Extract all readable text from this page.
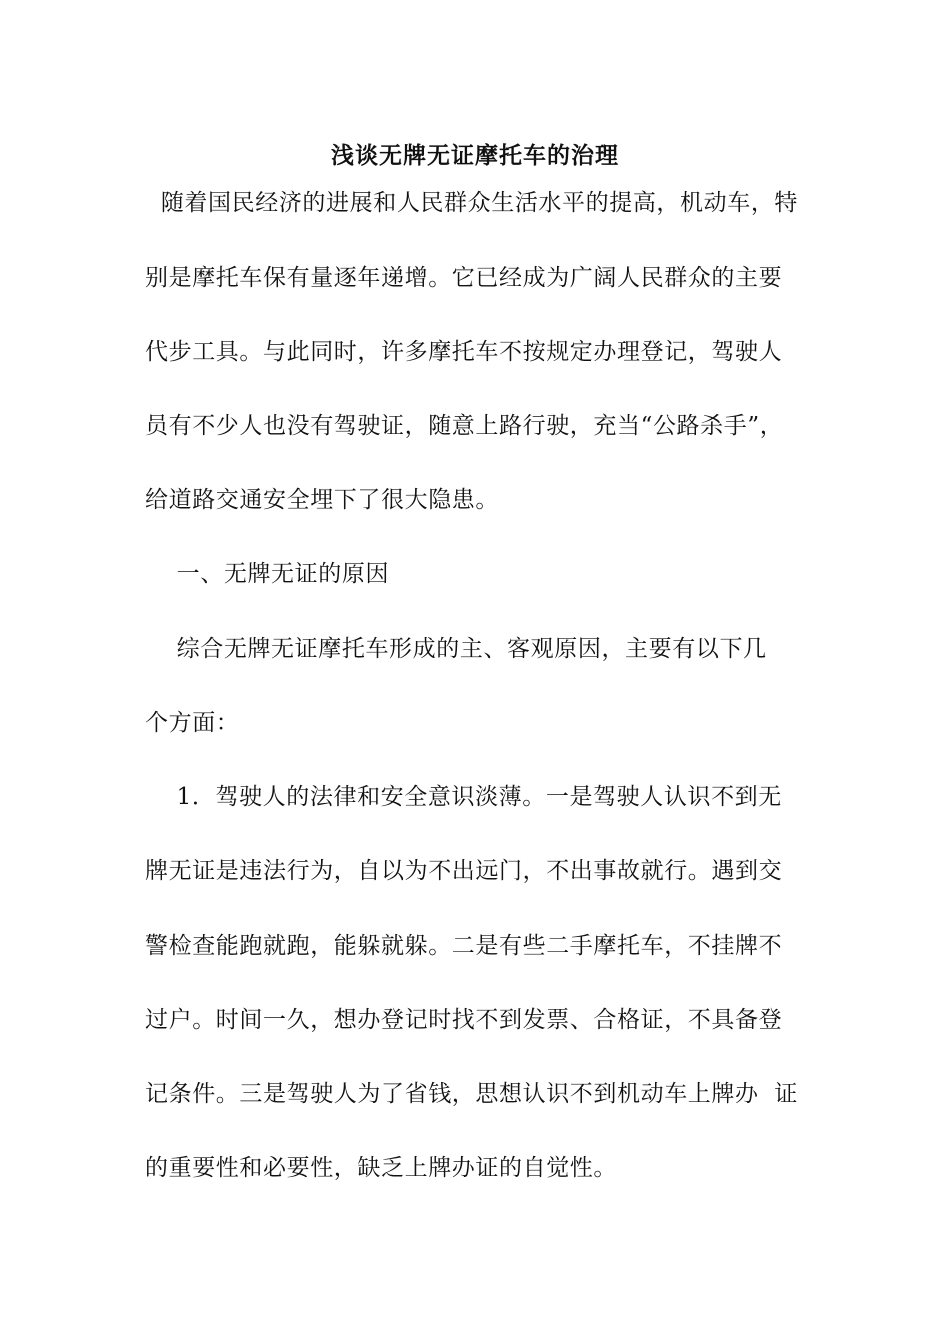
浅谈无牌无证摩托车的治理
随着国民经济的进展和人民群众生活水平的提高，机动车，特
别是摩托车保有量逐年递增。它已经成为广阔人民群众的主要
代步工具。与此同时，许多摩托车不按规定办理登记，驾驶人
员有不少人也没有驾驶证，随意上路行驶，充当“公路杀手”，
给道路交通安全埋下了很大隐患。
一、无牌无证的原因
综合无牌无证摩托车形成的主、客观原因，主要有以下几
个方面：
1．驾驶人的法律和安全意识淡薄。一是驾驶人认识不到无
牌无证是违法行为，自以为不出远门，不出事故就行。遇到交
警检查能跑就跑，能躲就躲。二是有些二手摩托车，不挂牌不
过户。时间一久，想办登记时找不到发票、合格证，不具备登
记条件。三是驾驶人为了省钱，思想认识不到机动车上牌办  证
的重要性和必要性，缺乏上牌办证的自觉性。
